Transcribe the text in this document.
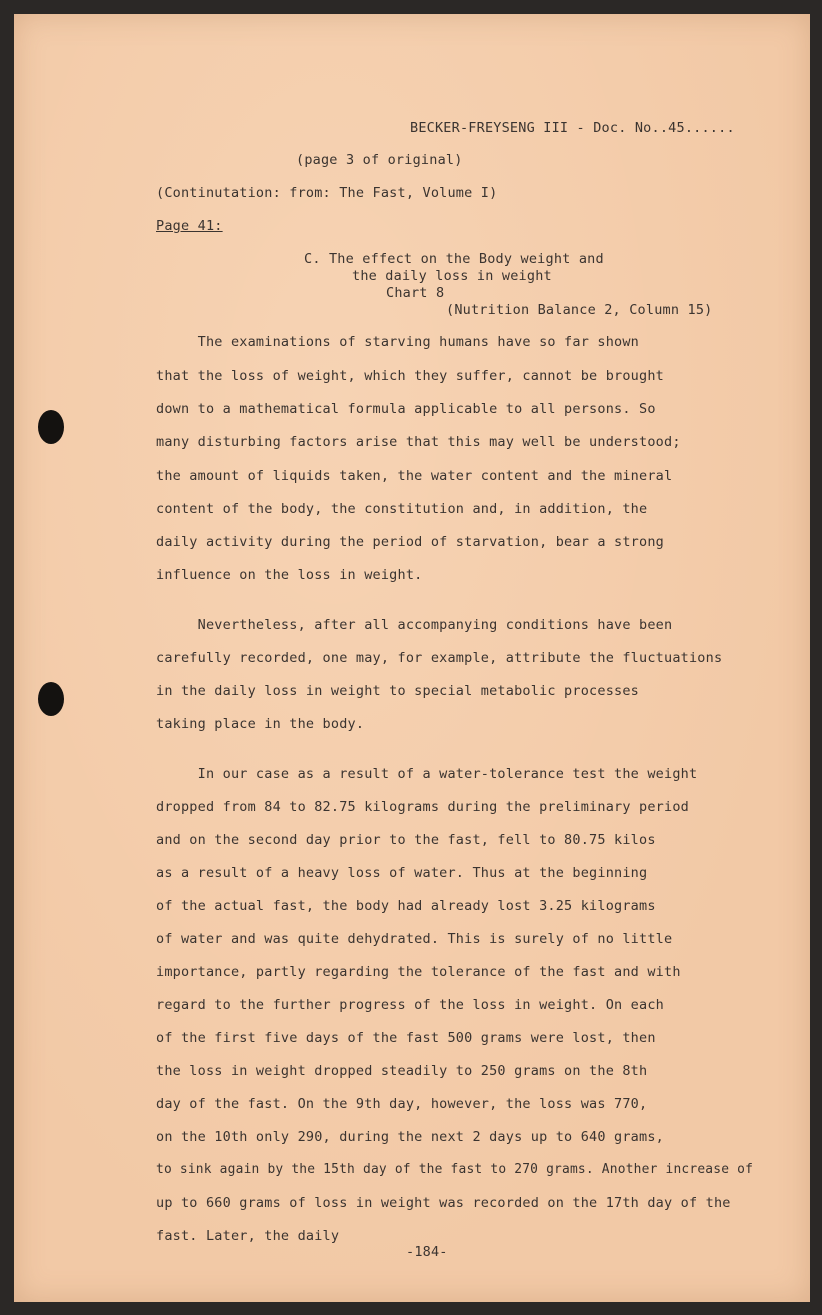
BECKER-FREYSENG III - Doc. No..45......
(page 3 of original)
(Continutation: from: The Fast, Volume I)
Page 41:
C. The effect on the Body weight and
the daily loss in weight
Chart 8
(Nutrition Balance 2, Column 15)
The examinations of starving humans have so far shown
that the loss of weight, which they suffer, cannot be brought
down to a mathematical formula applicable to all persons. So
many disturbing factors arise that this may well be understood;
the amount of liquids taken, the water content and the mineral
content of the body, the constitution and, in addition, the
daily activity during the period of starvation, bear a strong
influence on the loss in weight.
Nevertheless, after all accompanying conditions have been
carefully recorded, one may, for example, attribute the fluctuations
in the daily loss in weight to special metabolic processes
taking place in the body.
In our case as a result of a water-tolerance test the weight
dropped from 84 to 82.75 kilograms during the preliminary period
and on the second day prior to the fast, fell to 80.75 kilos
as a result of a heavy loss of water. Thus at the beginning
of the actual fast, the body had already lost 3.25 kilograms
of water and was quite dehydrated. This is surely of no little
importance, partly regarding the tolerance of the fast and with
regard to the further progress of the loss in weight. On each
of the first five days of the fast 500 grams were lost, then
the loss in weight dropped steadily to 250 grams on the 8th
day of the fast. On the 9th day, however, the loss was 770,
on the 10th only 290, during the next 2 days up to 640 grams,
to sink again by the 15th day of the fast to 270 grams. Another increase of
up to 660 grams of loss in weight was recorded on the 17th day of the
fast. Later, the daily
-184-
